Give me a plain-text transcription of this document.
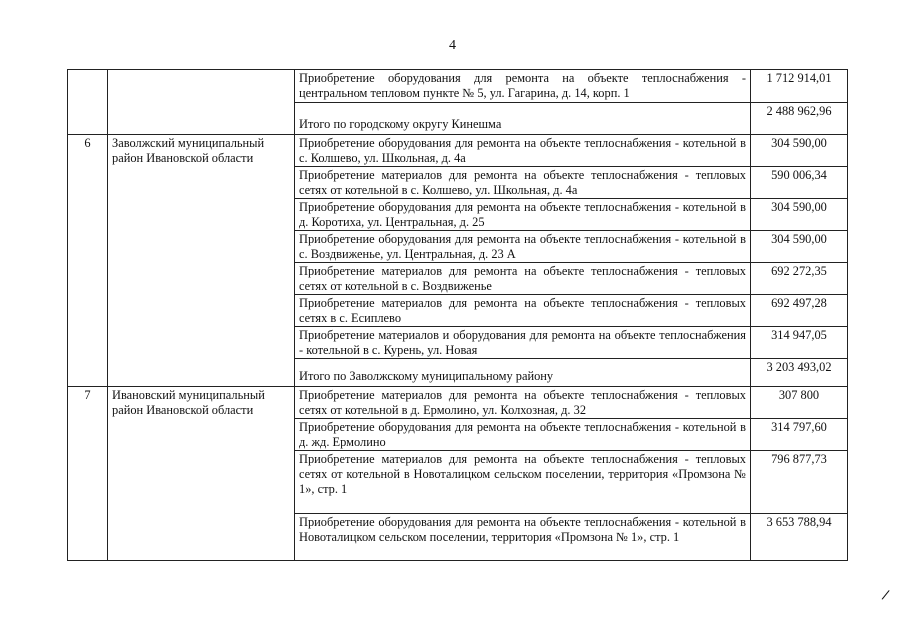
4
		Приобретение оборудования для ремонта на объекте теплоснабжения - центральном тепловом пункте № 5, ул. Гагарина, д. 14, корп. 1	1 712 914,01
		Итого по городскому округу Кинешма	2 488 962,96
6	Заволжский муниципальный район Ивановской области	Приобретение оборудования для ремонта на объекте теплоснабжения - котельной в с. Колшево, ул. Школьная, д. 4а	304 590,00
		Приобретение материалов для ремонта на объекте теплоснабжения - тепловых сетях от котельной в с. Колшево, ул. Школьная, д. 4а	590 006,34
		Приобретение оборудования для ремонта на объекте теплоснабжения - котельной в д. Коротиха, ул. Центральная, д. 25	304 590,00
		Приобретение оборудования для ремонта на объекте теплоснабжения - котельной в с. Воздвиженье, ул. Центральная, д. 23 А	304 590,00
		Приобретение материалов для ремонта на объекте теплоснабжения - тепловых сетях от котельной в с. Воздвиженье	692 272,35
		Приобретение материалов для ремонта на объекте теплоснабжения - тепловых сетях в с. Есиплево	692 497,28
		Приобретение материалов и оборудования для ремонта на объекте теплоснабжения - котельной в с. Курень, ул. Новая	314 947,05
		Итого по Заволжскому муниципальному району	3 203 493,02
7	Ивановский муниципальный район Ивановской области	Приобретение материалов для ремонта на объекте теплоснабжения - тепловых сетях от котельной в д. Ермолино, ул. Колхозная, д. 32	307 800
		Приобретение оборудования для ремонта на объекте теплоснабжения - котельной в д. жд. Ермолино	314 797,60
		Приобретение материалов для ремонта на объекте теплоснабжения - тепловых сетях от котельной в Новоталицком сельском поселении, территория «Промзона № 1», стр. 1	796 877,73
		Приобретение оборудования для ремонта на объекте теплоснабжения - котельной в Новоталицком сельском поселении, территория «Промзона № 1», стр. 1	3 653 788,94
/
